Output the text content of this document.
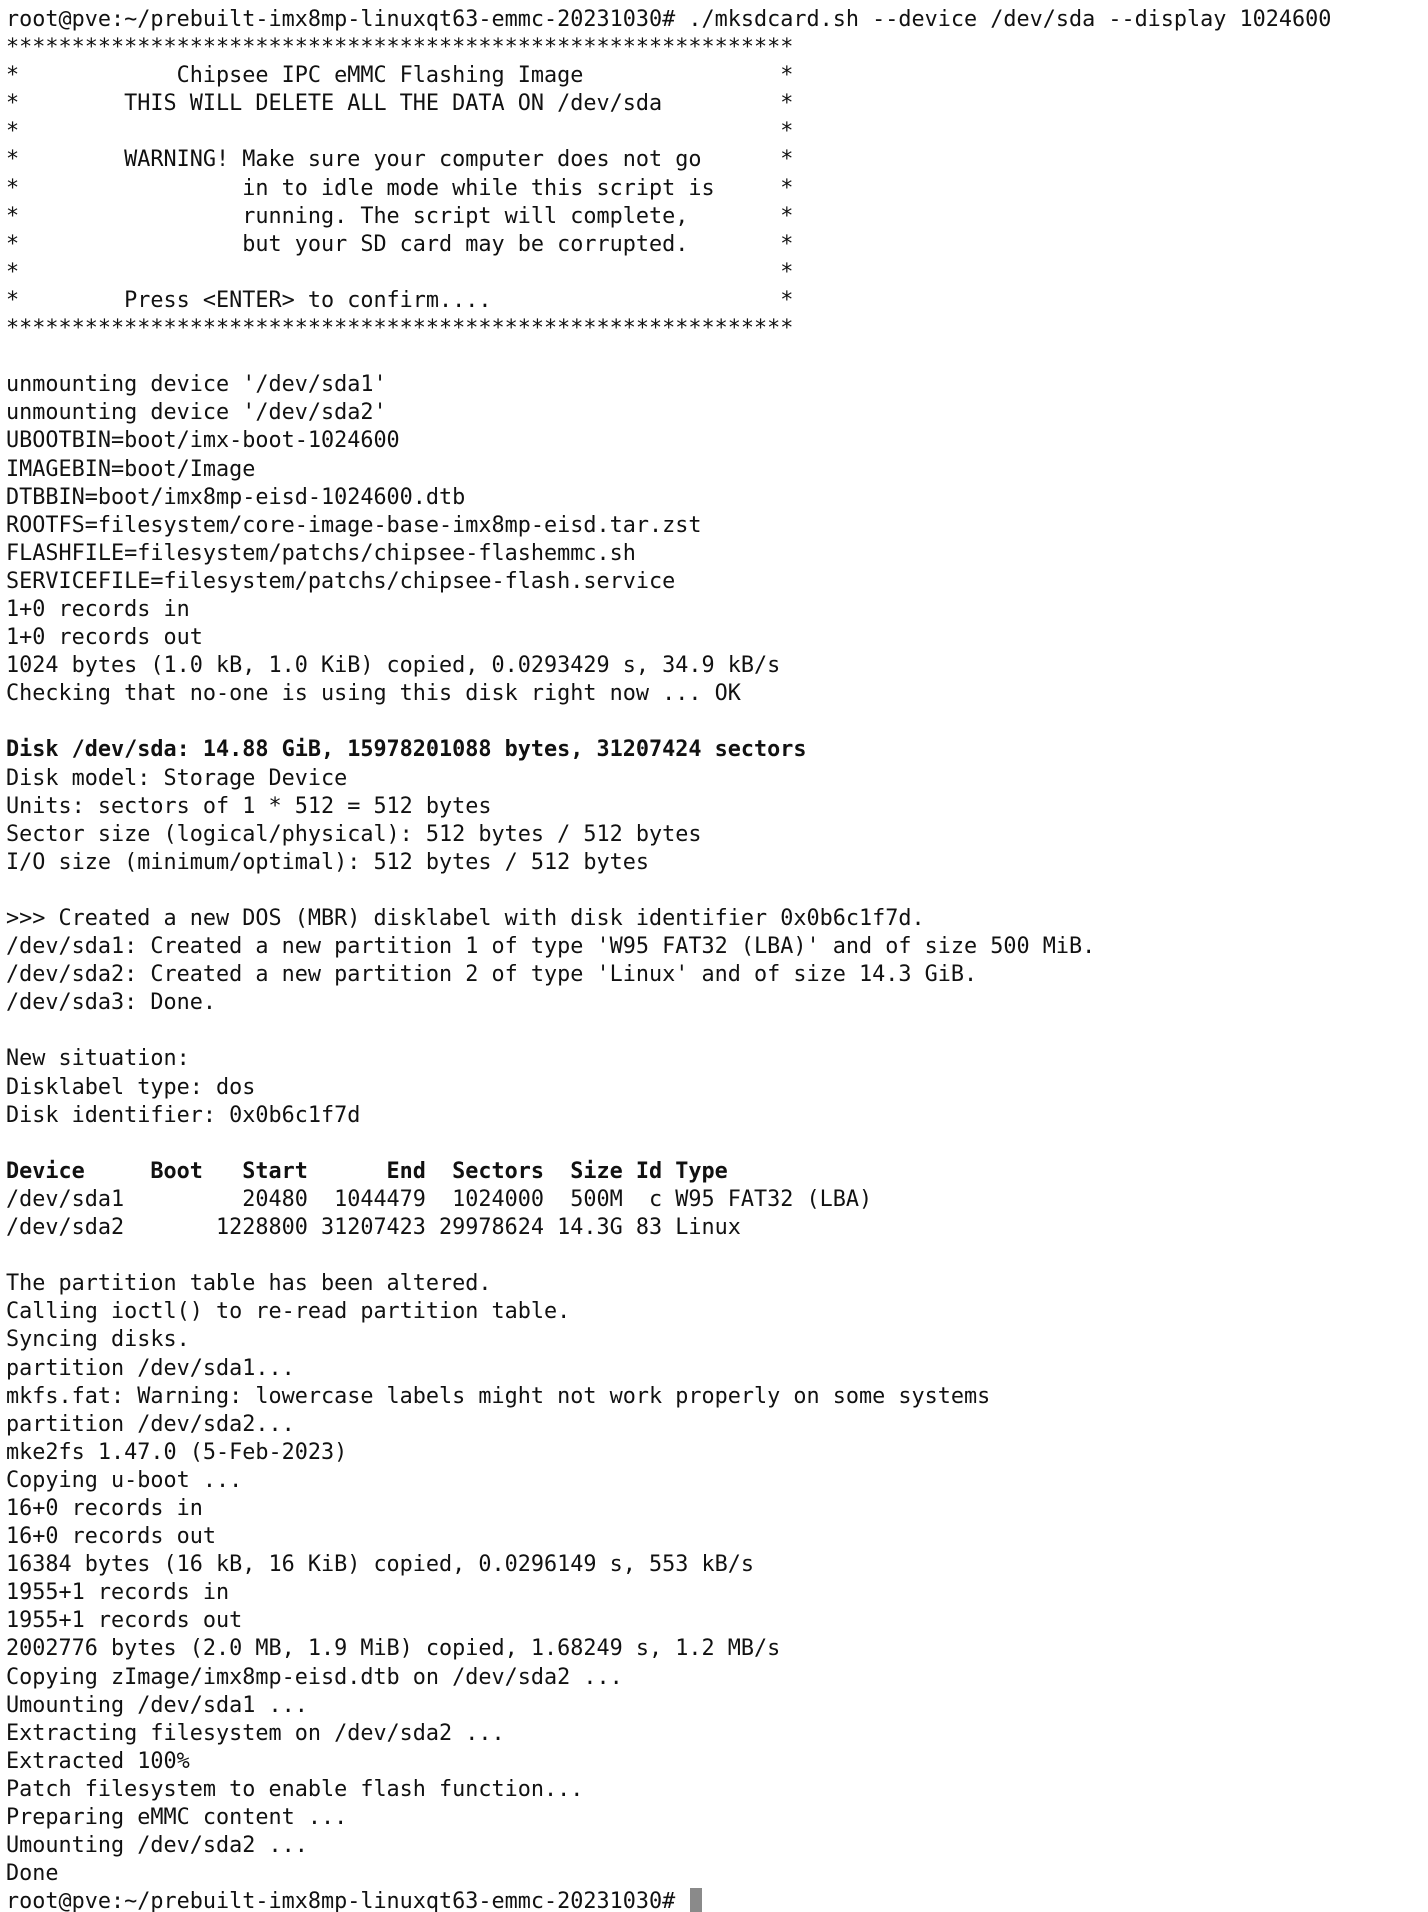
root@pve:~/prebuilt-imx8mp-linuxqt63-emmc-20231030# ./mksdcard.sh --device /dev/sda --display 1024600
************************************************************
*            Chipsee IPC eMMC Flashing Image               *
*        THIS WILL DELETE ALL THE DATA ON /dev/sda         *
*                                                          *
*        WARNING! Make sure your computer does not go      *
*                 in to idle mode while this script is     *
*                 running. The script will complete,       *
*                 but your SD card may be corrupted.       *
*                                                          *
*        Press <ENTER> to confirm....                      *
************************************************************
unmounting device '/dev/sda1'
unmounting device '/dev/sda2'
UBOOTBIN=boot/imx-boot-1024600
IMAGEBIN=boot/Image
DTBBIN=boot/imx8mp-eisd-1024600.dtb
ROOTFS=filesystem/core-image-base-imx8mp-eisd.tar.zst
FLASHFILE=filesystem/patchs/chipsee-flashemmc.sh
SERVICEFILE=filesystem/patchs/chipsee-flash.service
1+0 records in
1+0 records out
1024 bytes (1.0 kB, 1.0 KiB) copied, 0.0293429 s, 34.9 kB/s
Checking that no-one is using this disk right now ... OK
Disk /dev/sda: 14.88 GiB, 15978201088 bytes, 31207424 sectors
Disk model: Storage Device
Units: sectors of 1 * 512 = 512 bytes
Sector size (logical/physical): 512 bytes / 512 bytes
I/O size (minimum/optimal): 512 bytes / 512 bytes
>>> Created a new DOS (MBR) disklabel with disk identifier 0x0b6c1f7d.
/dev/sda1: Created a new partition 1 of type 'W95 FAT32 (LBA)' and of size 500 MiB.
/dev/sda2: Created a new partition 2 of type 'Linux' and of size 14.3 GiB.
/dev/sda3: Done.
New situation:
Disklabel type: dos
Disk identifier: 0x0b6c1f7d
Device     Boot   Start      End  Sectors  Size Id Type
/dev/sda1         20480  1044479  1024000  500M  c W95 FAT32 (LBA)
/dev/sda2       1228800 31207423 29978624 14.3G 83 Linux
The partition table has been altered.
Calling ioctl() to re-read partition table.
Syncing disks.
partition /dev/sda1...
mkfs.fat: Warning: lowercase labels might not work properly on some systems
partition /dev/sda2...
mke2fs 1.47.0 (5-Feb-2023)
Copying u-boot ...
16+0 records in
16+0 records out
16384 bytes (16 kB, 16 KiB) copied, 0.0296149 s, 553 kB/s
1955+1 records in
1955+1 records out
2002776 bytes (2.0 MB, 1.9 MiB) copied, 1.68249 s, 1.2 MB/s
Copying zImage/imx8mp-eisd.dtb on /dev/sda2 ...
Umounting /dev/sda1 ...
Extracting filesystem on /dev/sda2 ...
Extracted 100%
Patch filesystem to enable flash function...
Preparing eMMC content ...
Umounting /dev/sda2 ...
Done
root@pve:~/prebuilt-imx8mp-linuxqt63-emmc-20231030#
